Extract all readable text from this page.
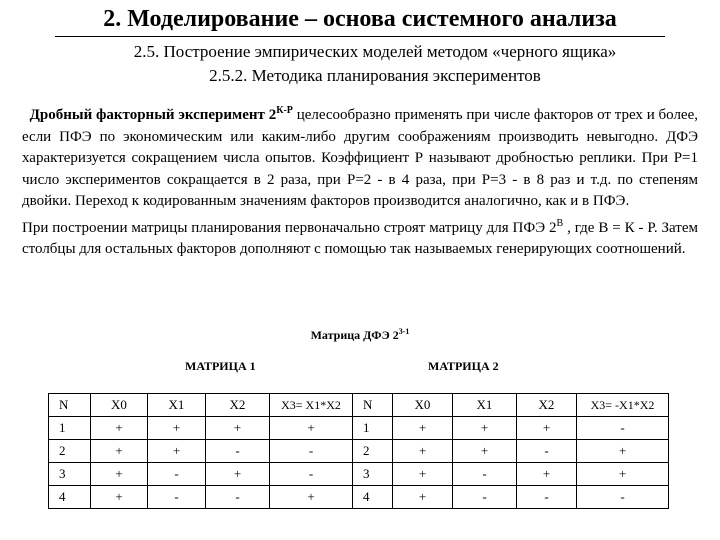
2. Моделирование – основа системного анализа
2.5. Построение эмпирических моделей методом «черного ящика»
2.5.2. Методика планирования экспериментов

Дробный факторный эксперимент $2^{К-Р}$ целесообразно применять при числе факторов от трех и более, если ПФЭ по экономическим или каким-либо другим соображениям производить невыгодно. ДФЭ характеризуется сокращением числа опытов. Коэффициент Р называют дробностью реплики. При Р=1 число экспериментов сокращается в 2 раза, при Р=2 - в 4 раза, при Р=3 - в 8 раз и т.д. по степеням двойки. Переход к кодированным значениям факторов производится аналогично, как и в ПФЭ.

При построении матрицы планирования первоначально строят матрицу для ПФЭ $2^В$ , где В = К - Р. Затем столбцы для остальных факторов дополняют с помощью так называемых генерирующих соотношений.

Матрица ДФЭ 2$^{3-1}$
МАТРИЦА 1	МАТРИЦА 2
N	X0	X1	X2	X3= X1*X2	N	X0	X1	X2	X3= -X1*X2
1	+	+	+	+	1	+	+	+	-
2	+	+	-	-	2	+	+	-	+
3	+	-	+	-	3	+	-	+	+
4	+	-	-	+	4	+	-	-	-
